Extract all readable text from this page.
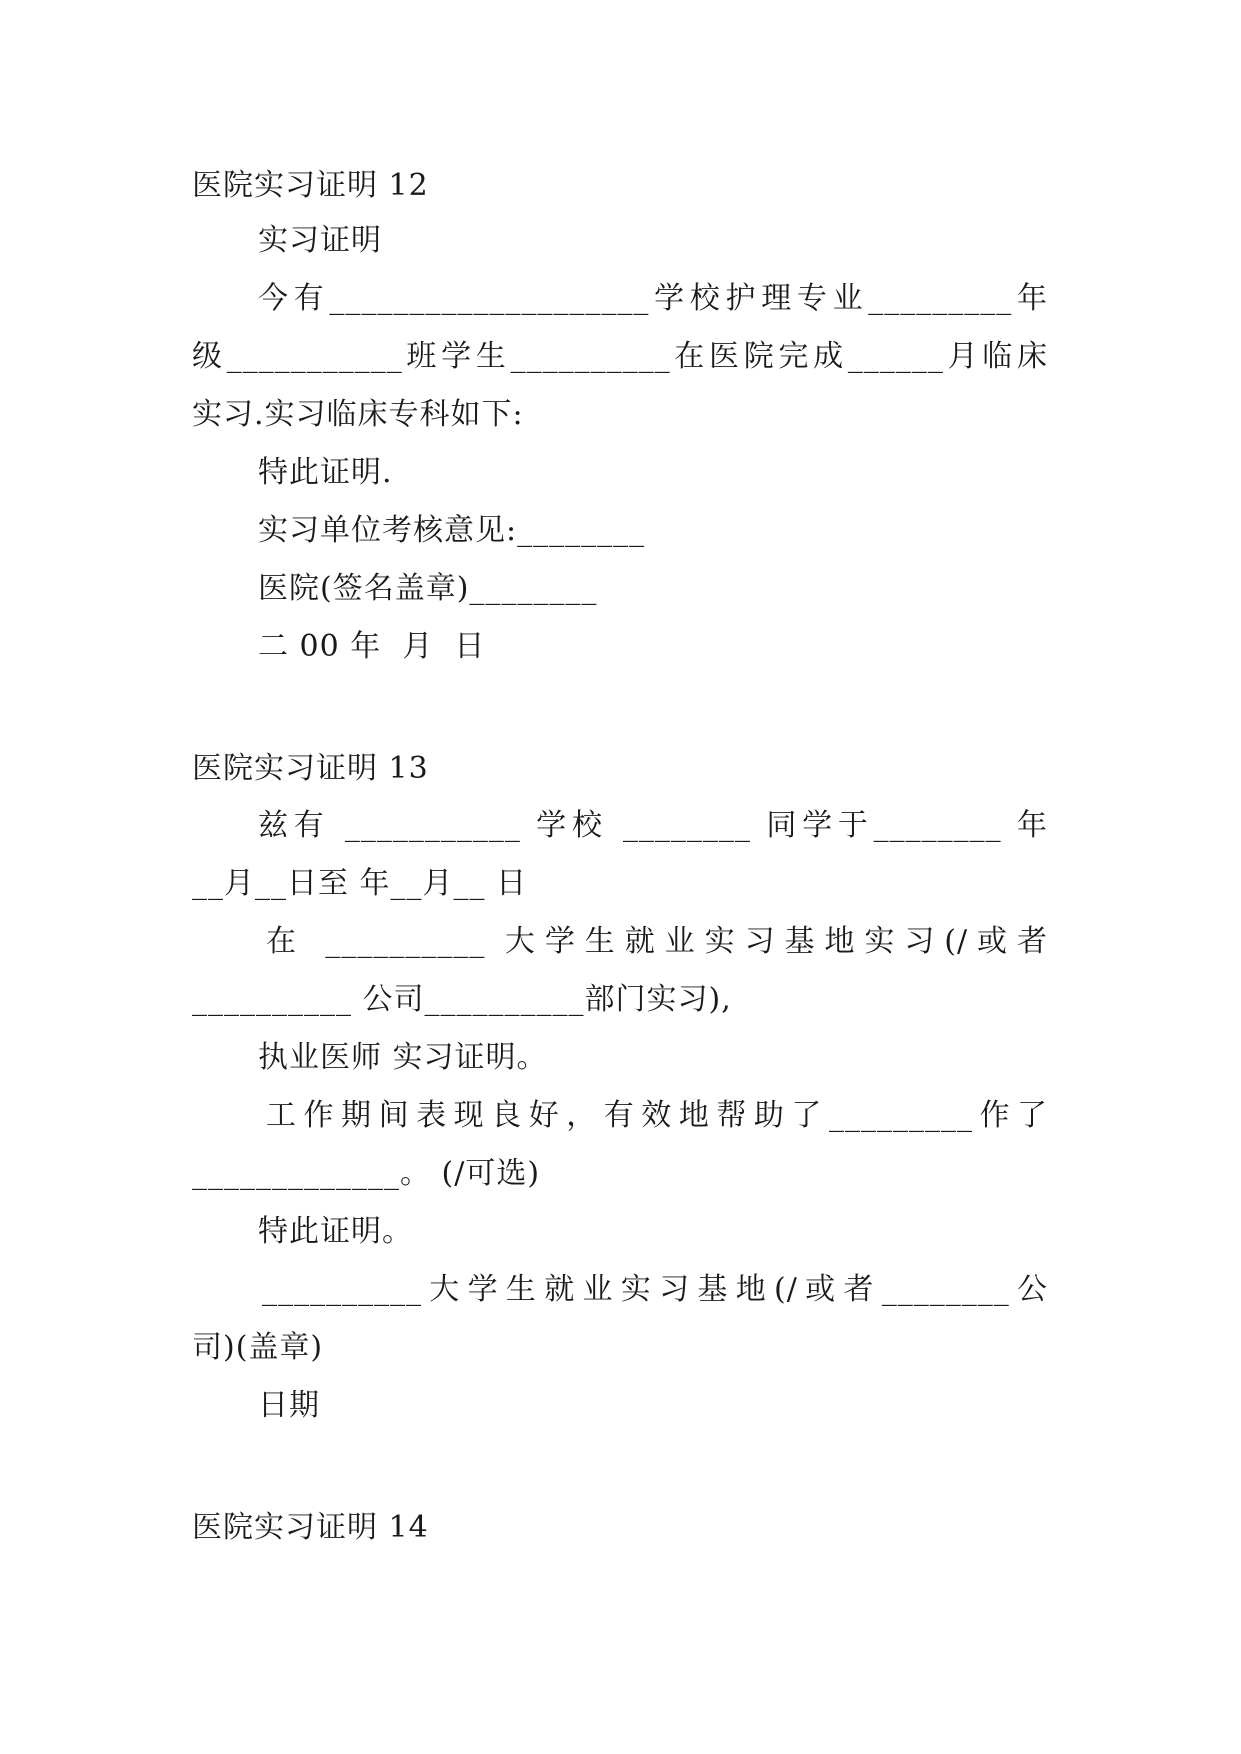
医院实习证明 12
实习证明
今有____________________学校护理专业_________年
级___________班学生__________在医院完成______月临床
实习.实习临床专科如下:
特此证明.
实习单位考核意见:________
医院(签名盖章)________
二 00 年  月  日
医院实习证明 13
兹有 ___________ 学校 ________ 同学于________ 年
__月__日至 年__月__ 日
在 __________ 大学生就业实习基地实习(/或者
__________ 公司__________部门实习),
执业医师 实习证明。
工作期间表现良好，有效地帮助了_________作了
_____________。 (/可选)
特此证明。
__________大学生就业实习基地(/或者________公
司)(盖章)
日期
医院实习证明 14
